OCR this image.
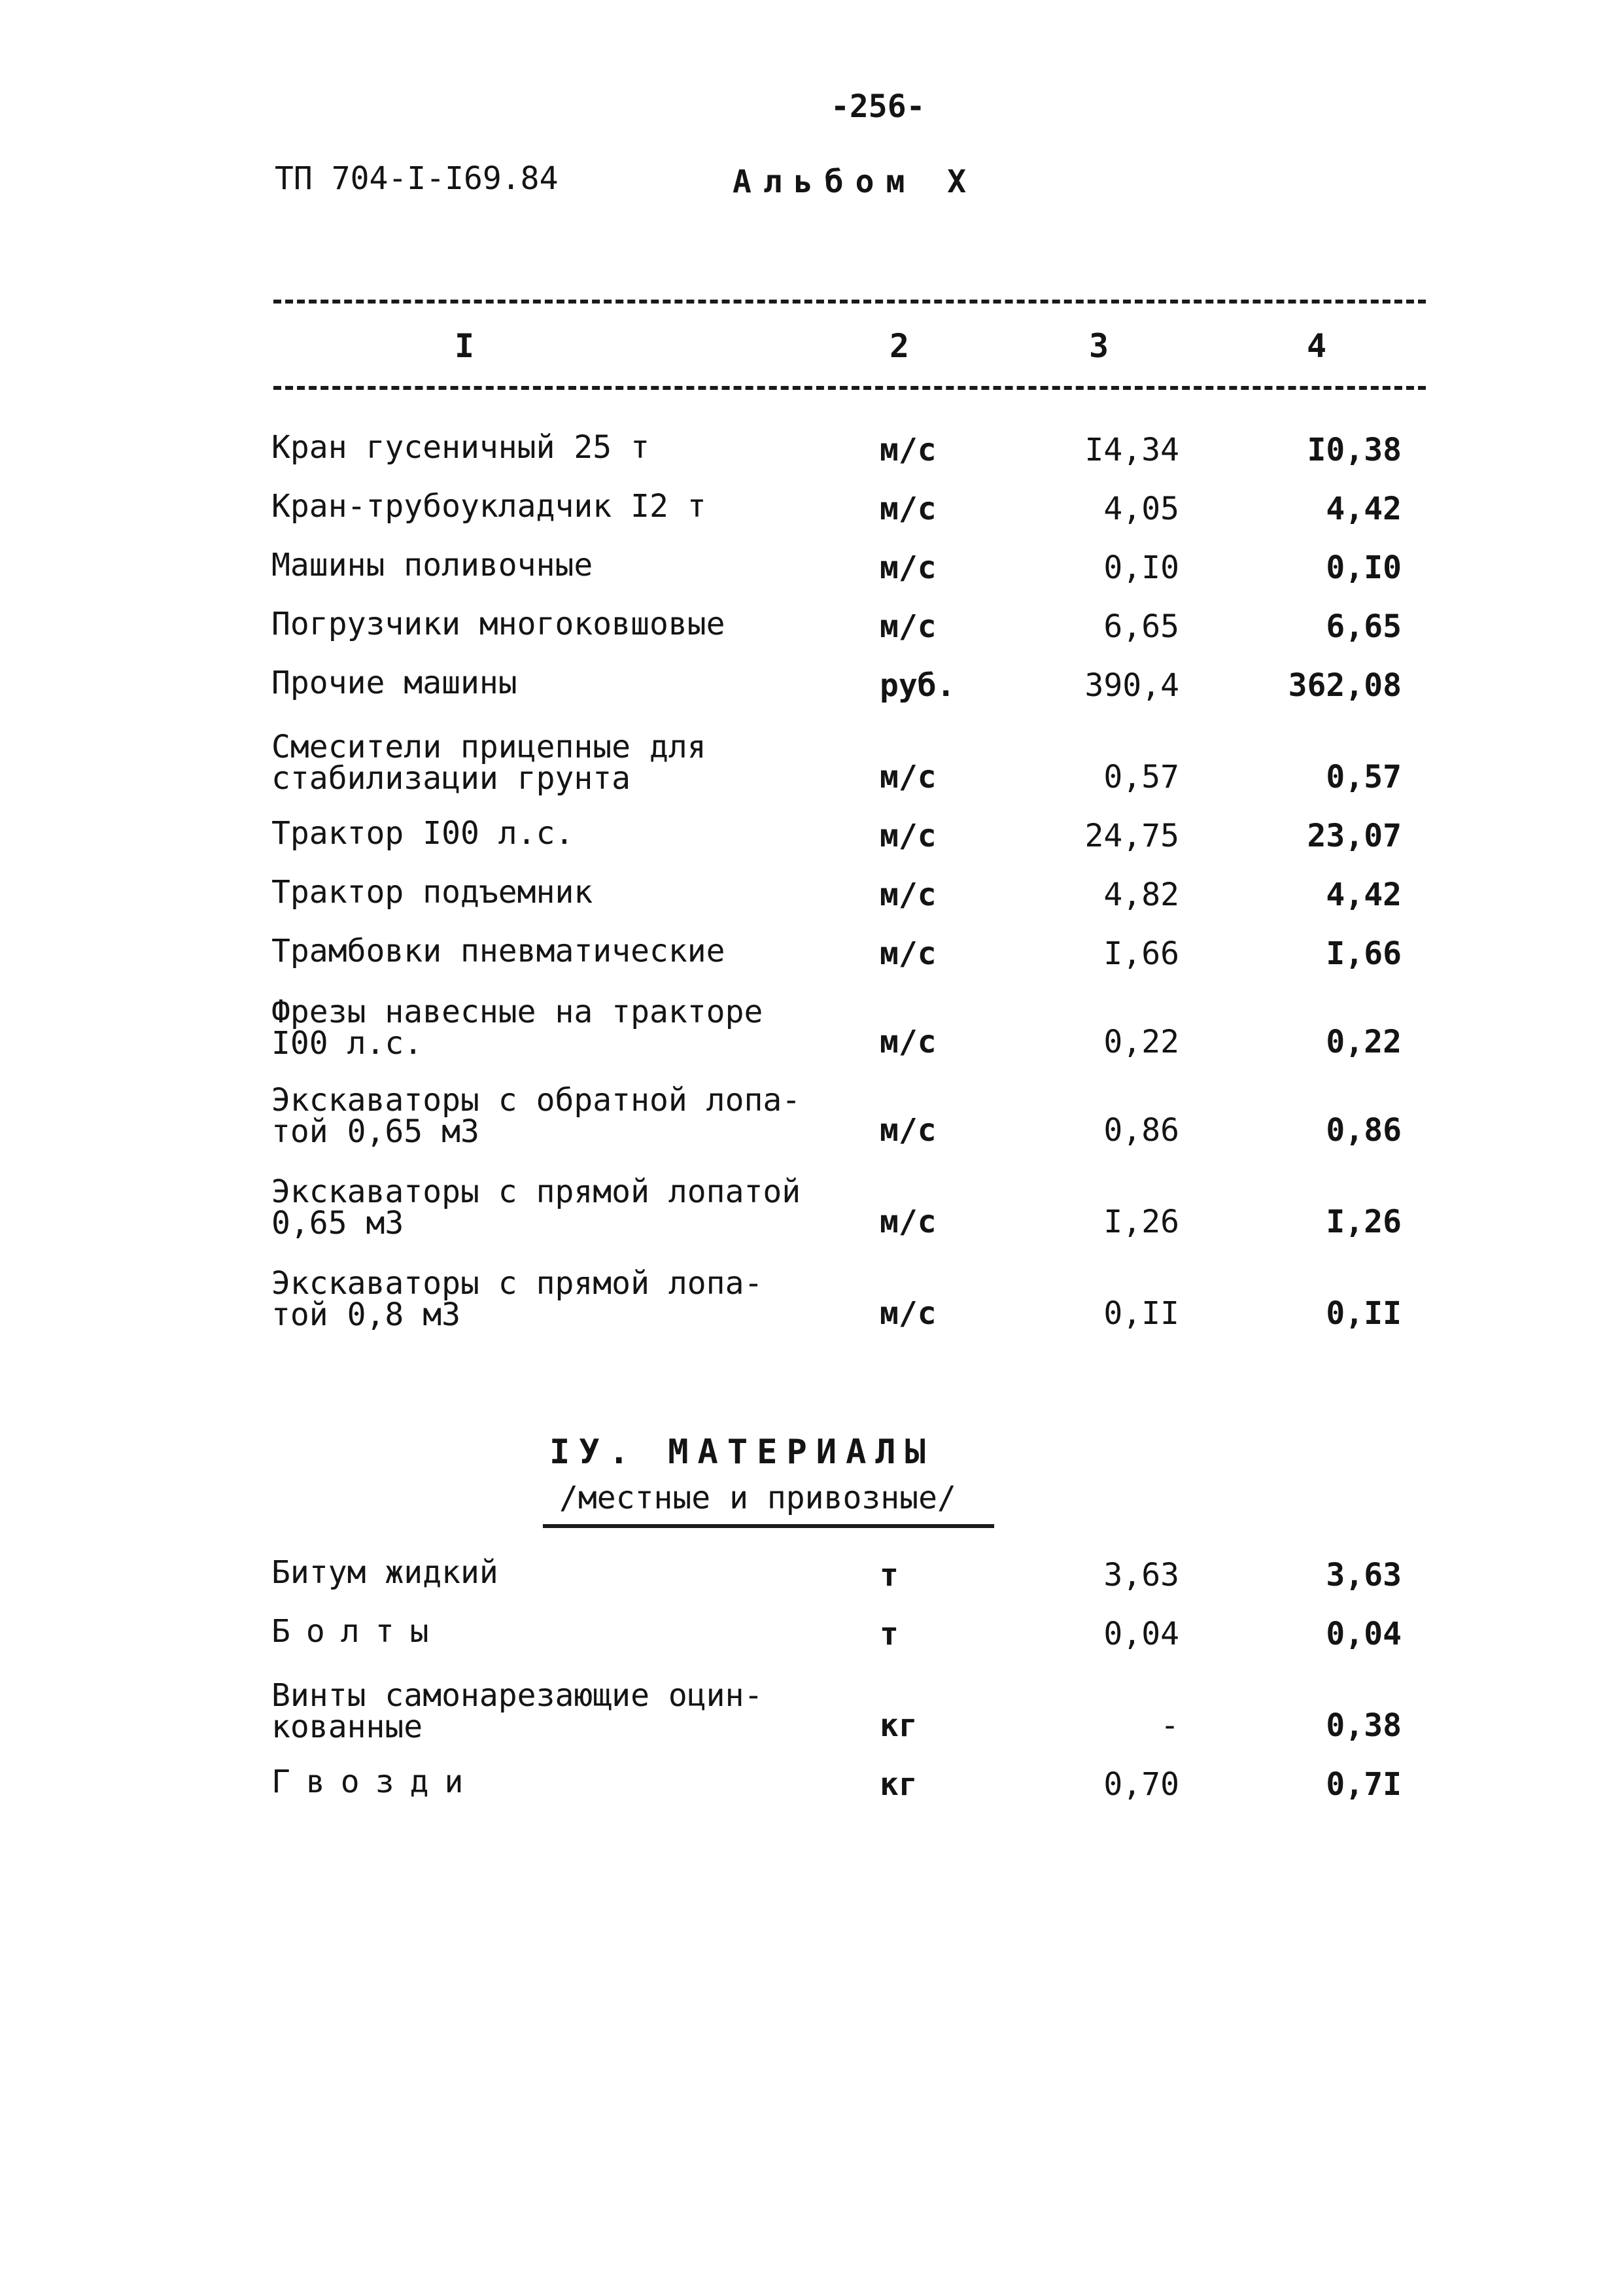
-256-
ТП 704-I-I69.84	Альбом X
I	2	3	4
Кран гусеничный 25 т	м/с	I4,34	I0,38
Кран-трубоукладчик I2 т	м/с	4,05	4,42
Машины поливочные	м/с	0,I0	0,I0
Погрузчики многоковшовые	м/с	6,65	6,65
Прочие машины	руб.	390,4	362,08
Смесители прицепные для
стабилизации грунта	м/с	0,57	0,57
Трактор I00 л.с.	м/с	24,75	23,07
Трактор подъемник	м/с	4,82	4,42
Трамбовки пневматические	м/с	I,66	I,66
Фрезы навесные на тракторе
I00 л.с.	м/с	0,22	0,22
Экскаваторы с обратной лопа-
той 0,65 м3	м/с	0,86	0,86
Экскаваторы с прямой лопатой
0,65 м3	м/с	I,26	I,26
Экскаваторы с прямой лопа-
той 0,8 м3	м/с	0,II	0,II
IУ. МАТЕРИАЛЫ
/местные и привозные/
Битум жидкий	т	3,63	3,63
Болты	т	0,04	0,04
Винты самонарезающие оцин-
кованные	кг	-	0,38
Гвозди	кг	0,70	0,7I
